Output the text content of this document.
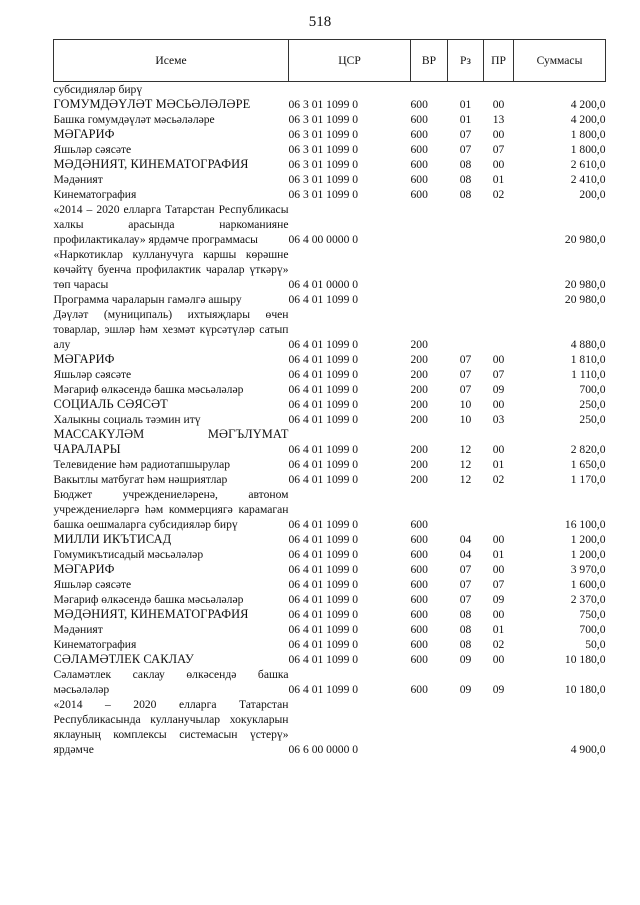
518
Исеме	ЦСР	ВР	Рз	ПР	Суммасы
субсидияләр бирү					
ГОМУМДӘҮЛӘТ МӘСЬӘЛӘЛӘРЕ	06 3 01 1099 0	600	01	00	4 200,0
Башка гомумдәүләт мәсьәләләре	06 3 01 1099 0	600	01	13	4 200,0
МӘГАРИФ	06 3 01 1099 0	600	07	00	1 800,0
Яшьләр сәясәте	06 3 01 1099 0	600	07	07	1 800,0
МӘДӘНИЯТ, КИНЕМАТОГРАФИЯ	06 3 01 1099 0	600	08	00	2 610,0
Мәдәният	06 3 01 1099 0	600	08	01	2 410,0
Кинематография	06 3 01 1099 0	600	08	02	200,0
«2014 – 2020 елларга Татарстан Республикасы халкы арасында наркоманияне профилактикалау» ярдәмче программасы	06 4 00 0000 0				20 980,0
«Наркотиклар кулланучуга каршы көрәшне көчәйтү буенча профилактик чаралар үткәрү» төп чарасы	06 4 01 0000 0				20 980,0
Программа чараларын гамәлгә ашыру	06 4 01 1099 0				20 980,0
Дәүләт (муниципаль) ихтыяҗлары өчен товарлар, эшләр һәм хезмәт күрсәтүләр сатып алу	06 4 01 1099 0	200			4 880,0
МӘГАРИФ	06 4 01 1099 0	200	07	00	1 810,0
Яшьләр сәясәте	06 4 01 1099 0	200	07	07	1 110,0
Мәгариф өлкәсендә башка мәсьәләләр	06 4 01 1099 0	200	07	09	700,0
СОЦИАЛЬ СӘЯСӘТ	06 4 01 1099 0	200	10	00	250,0
Халыкны социаль тәэмин итү	06 4 01 1099 0	200	10	03	250,0
МАССАКҮЛӘМ МӘГЪЛҮМАТ ЧАРАЛАРЫ	06 4 01 1099 0	200	12	00	2 820,0
Телевидение һәм радиотапшырулар	06 4 01 1099 0	200	12	01	1 650,0
Вакытлы матбугат һәм нәшриятлар	06 4 01 1099 0	200	12	02	1 170,0
Бюджет учреждениеләренә, автоном учреждениеләргә һәм коммерциягә карамаган башка оешмаларга субсидияләр бирү	06 4 01 1099 0	600			16 100,0
МИЛЛИ ИКЪТИСАД	06 4 01 1099 0	600	04	00	1 200,0
Гомумикътисадый мәсьәләләр	06 4 01 1099 0	600	04	01	1 200,0
МӘГАРИФ	06 4 01 1099 0	600	07	00	3 970,0
Яшьләр сәясәте	06 4 01 1099 0	600	07	07	1 600,0
Мәгариф өлкәсендә башка мәсьәләләр	06 4 01 1099 0	600	07	09	2 370,0
МӘДӘНИЯТ, КИНЕМАТОГРАФИЯ	06 4 01 1099 0	600	08	00	750,0
Мәдәният	06 4 01 1099 0	600	08	01	700,0
Кинематография	06 4 01 1099 0	600	08	02	50,0
СӘЛАМӘТЛЕК САКЛАУ	06 4 01 1099 0	600	09	00	10 180,0
Сәламәтлек саклау өлкәсендә башка мәсьәләләр	06 4 01 1099 0	600	09	09	10 180,0
«2014 – 2020 елларга Татарстан Республикасында кулланучылар хокукларын яклауның комплексы системасын үстерү» ярдәмче	06 6 00 0000 0				4 900,0
